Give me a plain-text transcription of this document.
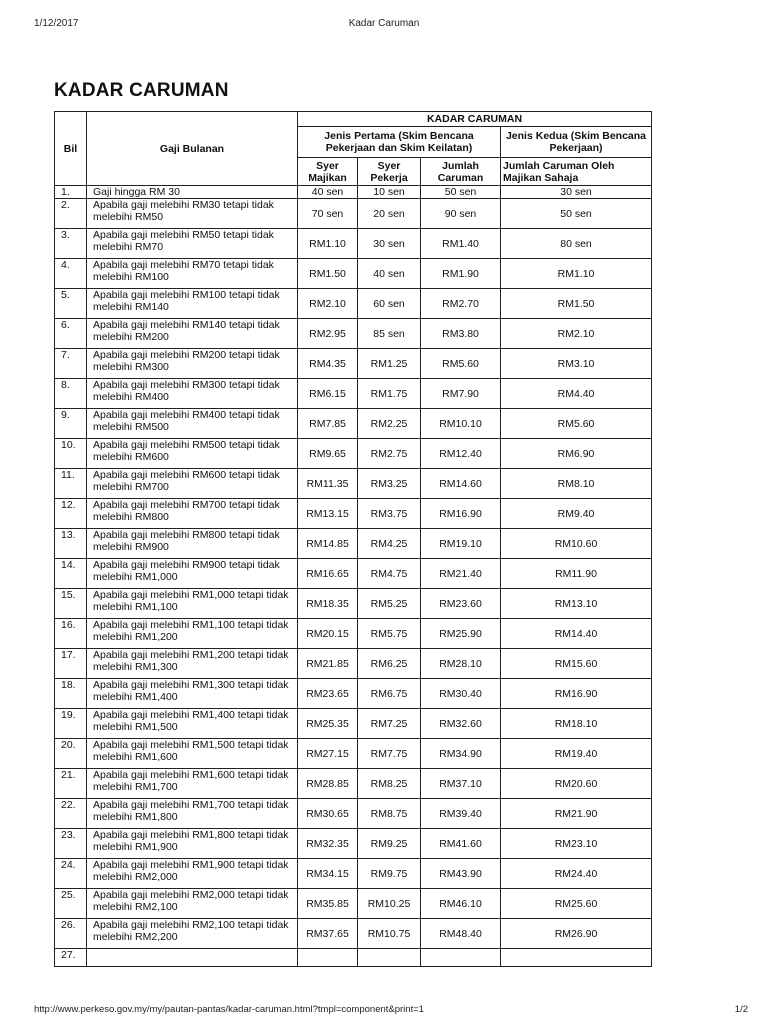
1/12/2017	Kadar Caruman
KADAR CARUMAN
Bil	Gaji Bulanan	KADAR CARUMAN			
		Jenis Pertama (Skim Bencana Pekerjaan dan Skim Keilatan)			Jenis Kedua (Skim Bencana Pekerjaan)
		Syer Majikan	Syer Pekerja	Jumlah Caruman	Jumlah Caruman Oleh Majikan Sahaja
1.	Gaji hingga RM 30	40 sen	10 sen	50 sen	30 sen
2.	Apabila gaji melebihi RM30 tetapi tidak melebihi RM50	70 sen	20 sen	90 sen	50 sen
3.	Apabila gaji melebihi RM50 tetapi tidak melebihi RM70	RM1.10	30 sen	RM1.40	80 sen
4.	Apabila gaji melebihi RM70 tetapi tidak melebihi RM100	RM1.50	40 sen	RM1.90	RM1.10
5.	Apabila gaji melebihi RM100 tetapi tidak melebihi RM140	RM2.10	60 sen	RM2.70	RM1.50
6.	Apabila gaji melebihi RM140 tetapi tidak melebihi RM200	RM2.95	85 sen	RM3.80	RM2.10
7.	Apabila gaji melebihi RM200 tetapi tidak melebihi RM300	RM4.35	RM1.25	RM5.60	RM3.10
8.	Apabila gaji melebihi RM300 tetapi tidak melebihi RM400	RM6.15	RM1.75	RM7.90	RM4.40
9.	Apabila gaji melebihi RM400 tetapi tidak melebihi RM500	RM7.85	RM2.25	RM10.10	RM5.60
10.	Apabila gaji melebihi RM500 tetapi tidak melebihi RM600	RM9.65	RM2.75	RM12.40	RM6.90
11.	Apabila gaji melebihi RM600 tetapi tidak melebihi RM700	RM11.35	RM3.25	RM14.60	RM8.10
12.	Apabila gaji melebihi RM700 tetapi tidak melebihi RM800	RM13.15	RM3.75	RM16.90	RM9.40
13.	Apabila gaji melebihi RM800 tetapi tidak melebihi RM900	RM14.85	RM4.25	RM19.10	RM10.60
14.	Apabila gaji melebihi RM900 tetapi tidak melebihi RM1,000	RM16.65	RM4.75	RM21.40	RM11.90
15.	Apabila gaji melebihi RM1,000 tetapi tidak melebihi RM1,100	RM18.35	RM5.25	RM23.60	RM13.10
16.	Apabila gaji melebihi RM1,100 tetapi tidak melebihi RM1,200	RM20.15	RM5.75	RM25.90	RM14.40
17.	Apabila gaji melebihi RM1,200 tetapi tidak melebihi RM1,300	RM21.85	RM6.25	RM28.10	RM15.60
18.	Apabila gaji melebihi RM1,300 tetapi tidak melebihi RM1,400	RM23.65	RM6.75	RM30.40	RM16.90
19.	Apabila gaji melebihi RM1,400 tetapi tidak melebihi RM1,500	RM25.35	RM7.25	RM32.60	RM18.10
20.	Apabila gaji melebihi RM1,500 tetapi tidak melebihi RM1,600	RM27.15	RM7.75	RM34.90	RM19.40
21.	Apabila gaji melebihi RM1,600 tetapi tidak melebihi RM1,700	RM28.85	RM8.25	RM37.10	RM20.60
22.	Apabila gaji melebihi RM1,700 tetapi tidak melebihi RM1,800	RM30.65	RM8.75	RM39.40	RM21.90
23.	Apabila gaji melebihi RM1,800 tetapi tidak melebihi RM1,900	RM32.35	RM9.25	RM41.60	RM23.10
24.	Apabila gaji melebihi RM1,900 tetapi tidak melebihi RM2,000	RM34.15	RM9.75	RM43.90	RM24.40
25.	Apabila gaji melebihi RM2,000 tetapi tidak melebihi RM2,100	RM35.85	RM10.25	RM46.10	RM25.60
26.	Apabila gaji melebihi RM2,100 tetapi tidak melebihi RM2,200	RM37.65	RM10.75	RM48.40	RM26.90
27.					
http://www.perkeso.gov.my/my/pautan-pantas/kadar-caruman.html?tmpl=component&print=1	1/2
